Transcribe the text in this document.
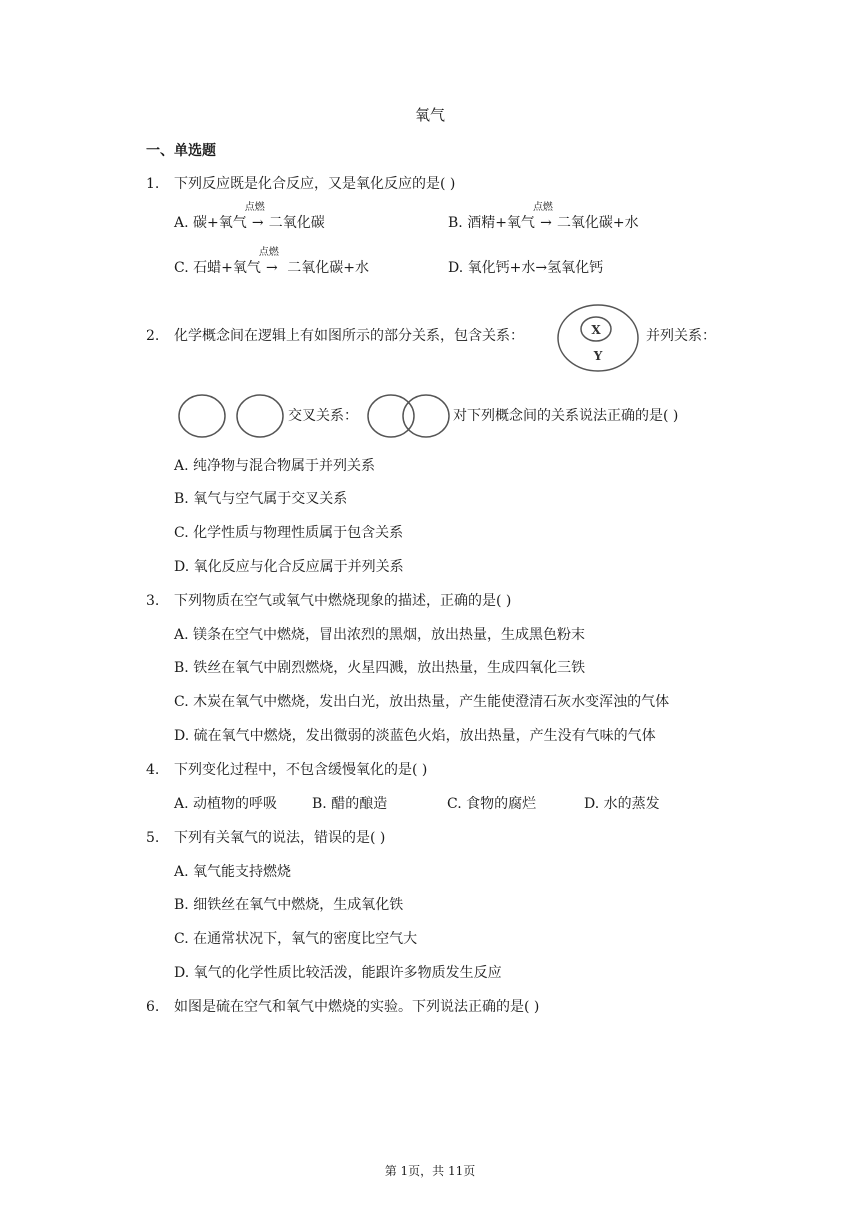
氧气
一、单选题
1. 下列反应既是化合反应，又是氧化反应的是( )
A. 碳+氧气
点燃
→ 二氧化碳	B. 酒精+氧气
点燃
→ 二氧化碳+水
C. 石蜡+氧气
点燃
→ 二氧化碳+水	D. 氧化钙+水→氢氧化钙
2. 化学概念间在逻辑上有如图所示的部分关系，包含关系：	X
Y
并列关系：
交叉关系：	对下列概念间的关系说法正确的是( )
A. 纯净物与混合物属于并列关系
B. 氧气与空气属于交叉关系
C. 化学性质与物理性质属于包含关系
D. 氧化反应与化合反应属于并列关系
3. 下列物质在空气或氧气中燃烧现象的描述，正确的是( )
A. 镁条在空气中燃烧，冒出浓烈的黑烟，放出热量，生成黑色粉末
B. 铁丝在氧气中剧烈燃烧，火星四溅，放出热量，生成四氧化三铁
C. 木炭在氧气中燃烧，发出白光，放出热量，产生能使澄清石灰水变浑浊的气体
D. 硫在氧气中燃烧，发出微弱的淡蓝色火焰，放出热量，产生没有气味的气体
4. 下列变化过程中，不包含缓慢氧化的是( )
A. 动植物的呼吸 B. 醋的酿造	C. 食物的腐烂	D. 水的蒸发
5. 下列有关氧气的说法，错误的是( )
A. 氧气能支持燃烧
B. 细铁丝在氧气中燃烧，生成氧化铁
C. 在通常状况下，氧气的密度比空气大
D. 氧气的化学性质比较活泼，能跟许多物质发生反应
6. 如图是硫在空气和氧气中燃烧的实验。下列说法正确的是( )
第 1页，共 11页
